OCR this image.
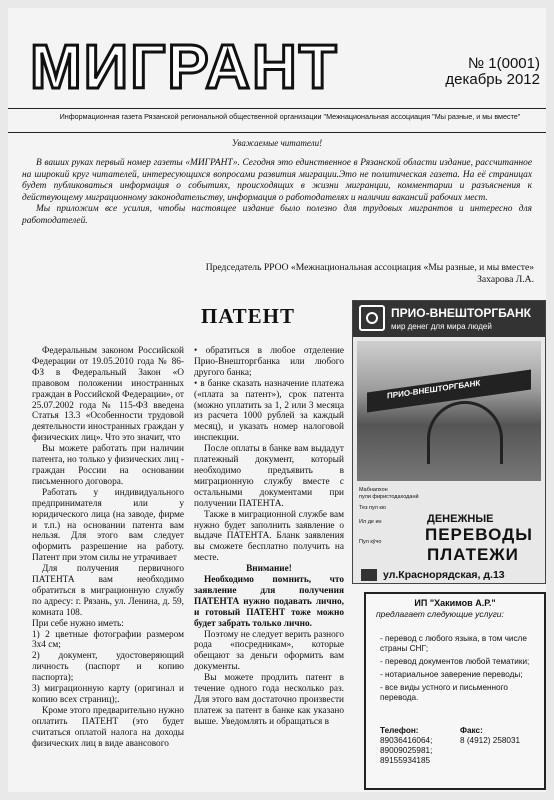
МИГРАНТ	№ 1(0001)
декабрь 2012
Информационная газета Рязанской региональной общественной организации "Межнациональная ассоциация "Мы разные, и мы вместе"
Уважаемые читатели!

В ваших руках первый номер газеты «МИГРАНТ». Сегодня это единственное в Рязанской области издание, рассчитанное на широкий круг читателей, интересующихся вопросами развития миграции.Это не политическая газета. На её страницах будет публиковаться информация о событиях, происходящих в жизни мигранции, комментарии и разъяснения к действующему миграционному законодательству, информация о работодателях и наличии вакансий рабочих мест.

Мы приложим все усилия, чтобы настоящее издание было полезно для трудовых мигрантов и интересно для работодателей.

Председатель РРОО «Межнациональная ассоциация «Мы разные, и мы вместе»
Захарова Л.А.
ПАТЕНТ

Федеральным законом Российской Федерации от 19.05.2010 года № 86-ФЗ в Федеральный Закон «О правовом положении иностранных граждан в Российской Федерации», от 25.07.2002 года № 115-ФЗ введена Статья 13.3 «Особенности трудовой деятельности иностранных граждан у физических лиц». Что это значит, что

Вы можете работать при наличии патента, но только у физических лиц - граждан России на основании письменного договора.

Работать у индивидуального предпринимателя или у юридического лица (на заводе, фирме и т.п.) на основании патента вам нельзя. Для этого вам следует оформить разрешение на работу. Патент при этом силы не утрачивает

Для получения первичного ПАТЕНТА вам необходимо обратиться в миграционную службу по адресу: г. Рязань, ул. Ленина, д. 59, комната 108.

При себе нужно иметь:

1) 2 цветные фотографии размером 3х4 см;

2) документ, удостоверяющий личность (паспорт и копию паспорта);

3) миграционную карту (оригинал и копию всех страниц);.

Кроме этого предварительно нужно оплатить ПАТЕНТ (это будет считаться оплатой налога на доходы физических лиц в виде авансового

• обратиться в любое отделение Прио-Внешторгбанка или любого другого банка;

• в банке сказать назначение платежа («плата за патент»), срок патента (можно уплатить за 1, 2 или 3 месяца из расчета 1000 рублей за каждый месяц), и указать номер налоговой инспекции.

После оплаты в банке вам выдадут платежный документ, который необходимо предъявить в миграционную службу вместе с остальными документами при получении ПАТЕНТА.

Также в миграционной службе вам нужно будет заполнить заявление о выдаче ПАТЕНТА. Бланк заявления вы сможете бесплатно получить на месте.

Внимание!

Необходимо помнить, что заявление для получения ПАТЕНТА нужно подавать лично, и готовый ПАТЕНТ тоже можно будет забрать только лично.

Поэтому не следует верить разного рода «посредникам», которые обещают за деньги оформить вам документы.

Вы можете продлить патент в течение одного года несколько раз. Для этого вам достаточно произвести платеж за патент в банке как указано выше. Уведомлять и обращаться в

ПРИО-ВНЕШТОРГБАНК
мир денег для мира людей
ПРИО-ВНЕШТОРГБАНК
Мабнапхон
пули фиристодаходанӣ
Тез пул кю
Ил де ин
Пул кӯчо
ДЕНЕЖНЫЕ
ПЕРЕВОДЫ
ПЛАТЕЖИ
ул.Краснорядская, д.13
ИП "Хакимов А.Р."
предлагает следующие услуги:
- перевод с любого языка, в том числе страны СНГ;
- перевод документов любой тематики;
- нотариальное заверение переводы;
- все виды устного и письменного перевода.
Телефон:
89036416064;
89009025981;
89155934185
Факс:
8 (4912) 258031
